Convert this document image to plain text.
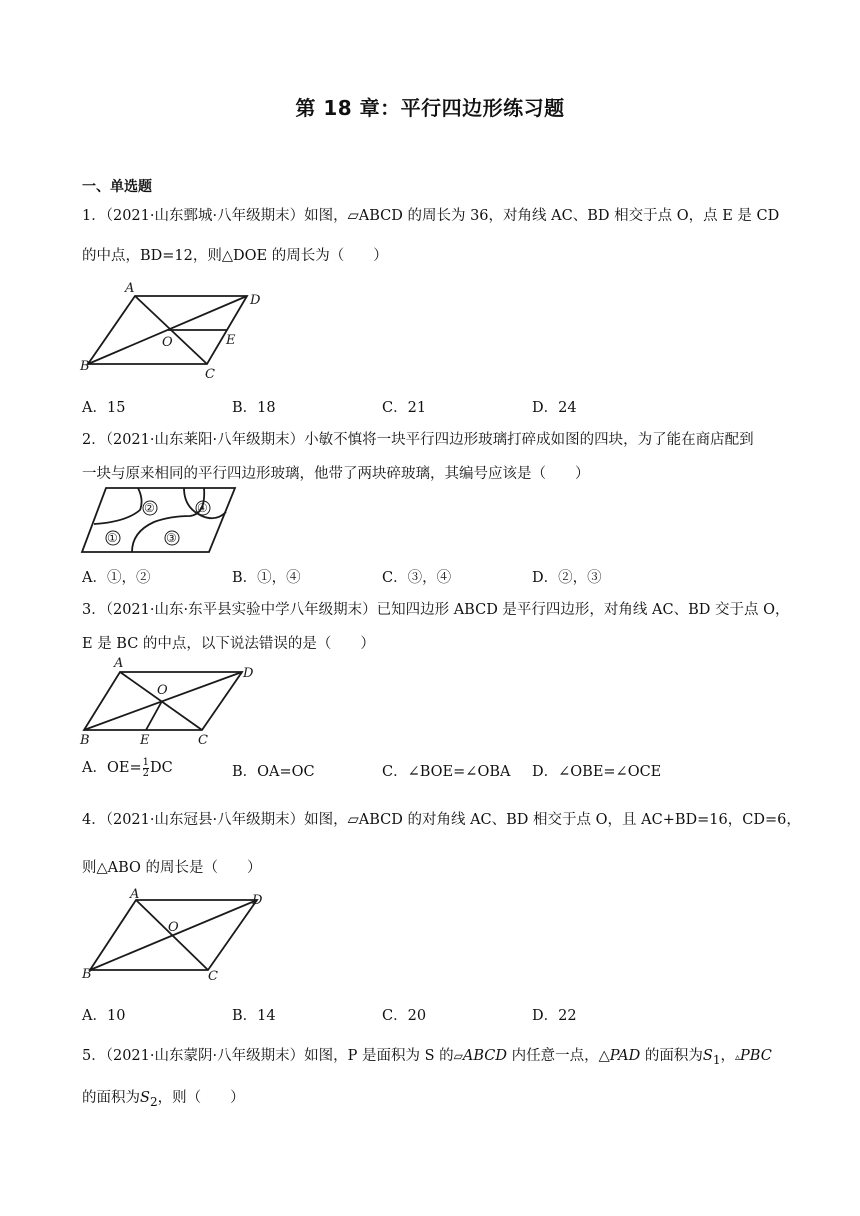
第 18 章：平行四边形练习题
一、单选题
1．（2021·山东鄄城·八年级期末）如图，▱ABCD 的周长为 36，对角线 AC、BD 相交于点 O，点 E 是 CD
的中点，BD=12，则△DOE 的周长为（　　）
A
B
C
D
O	E
A．15	B．18	C．21	D．24
2．（2021·山东莱阳·八年级期末）小敏不慎将一块平行四边形玻璃打碎成如图的四块，为了能在商店配到
一块与原来相同的平行四边形玻璃，他带了两块碎玻璃，其编号应该是（　　）
①
②
③
④
A．①，②	B．①，④	C．③，④	D．②，③
3．（2021·山东·东平县实验中学八年级期末）已知四边形 ABCD 是平行四边形，对角线 AC、BD 交于点 O，
E 是 BC 的中点，以下说法错误的是（　　）
A
O
D
B	E	C
A．$OE= \frac{1}{2}$ DC	B．OA=OC	C．∠BOE=∠OBA D．∠OBE=∠OCE
4．（2021·山东冠县·八年级期末）如图，▱ABCD 的对角线 AC、BD 相交于点 O，且 AC+BD=16，CD=6，
则△ABO 的周长是（　　）
A	D
O
B	C
A．10	B．14	C．20	D．22
5．（2021·山东蒙阴·八年级期末）如图，P 是面积为 S 的▱ABCD 内任意一点，△PAD 的面积为$S_1$，▵PBC
的面积为$S_2$，则（　　）
